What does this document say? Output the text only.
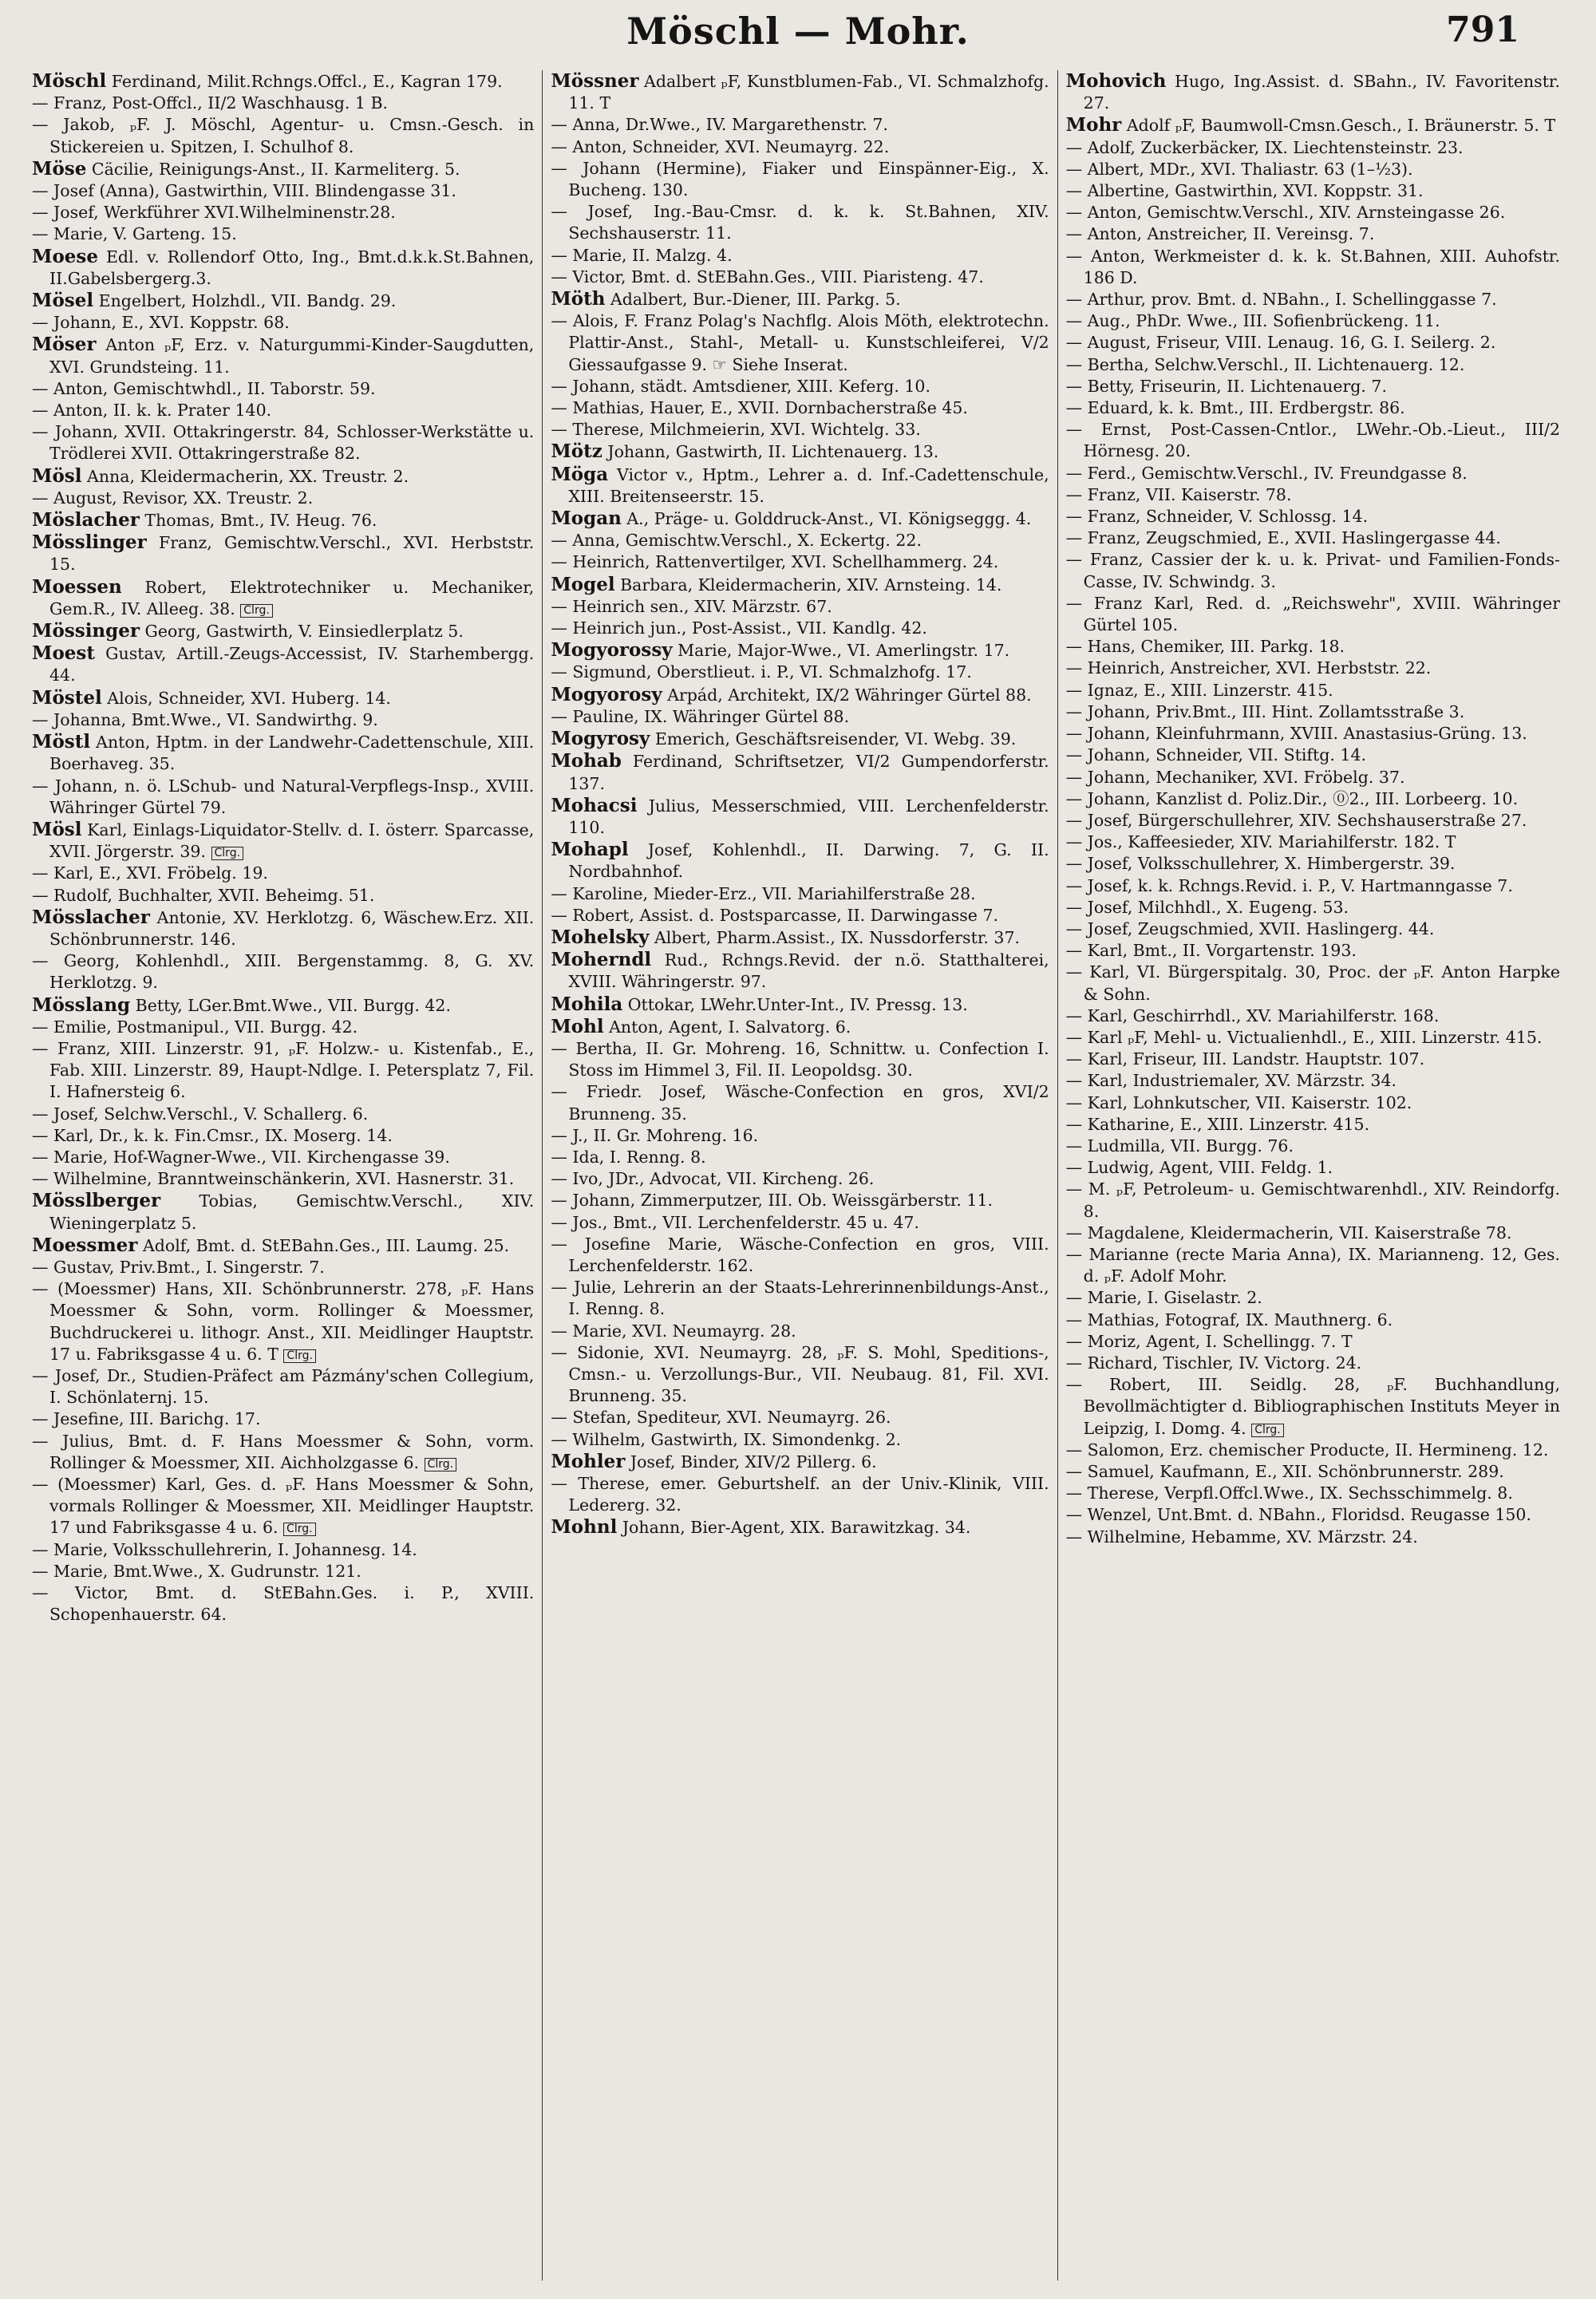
Möschl — Mohr.	791
Möschl Ferdinand, Milit.Rchngs.Offcl., E., Kagran 179.
— Franz, Post-Offcl., II/2 Waschhausg. 1 B.
— Jakob, ₚF. J. Möschl, Agentur- u. Cmsn.-Gesch. in Stickereien u. Spitzen, I. Schulhof 8.
Möse Cäcilie, Reinigungs-Anst., II. Karmeliterg. 5.
— Josef (Anna), Gastwirthin, VIII. Blindengasse 31.
— Josef, Werkführer XVI.Wilhelminenstr.28.
— Marie, V. Garteng. 15.
Moese Edl. v. Rollendorf Otto, Ing., Bmt.d.k.k.St.Bahnen, II.Gabelsbergerg.3.
Mösel Engelbert, Holzhdl., VII. Bandg. 29.
— Johann, E., XVI. Koppstr. 68.
Möser Anton ₚF, Erz. v. Naturgummi-Kinder-Saugdutten, XVI. Grundsteing. 11.
— Anton, Gemischtwhdl., II. Taborstr. 59.
— Anton, II. k. k. Prater 140.
— Johann, XVII. Ottakringerstr. 84, Schlosser-Werkstätte u. Trödlerei XVII. Ottakringerstraße 82.
Mösl Anna, Kleidermacherin, XX. Treustr. 2.
— August, Revisor, XX. Treustr. 2.
Möslacher Thomas, Bmt., IV. Heug. 76.
Mösslinger Franz, Gemischtw.Verschl., XVI. Herbststr. 15.
Moessen Robert, Elektrotechniker u. Mechaniker, Gem.R., IV. Alleeg. 38. Clrg.
Mössinger Georg, Gastwirth, V. Einsiedlerplatz 5.
Moest Gustav, Artill.-Zeugs-Accessist, IV. Starhembergg. 44.
Möstel Alois, Schneider, XVI. Huberg. 14.
— Johanna, Bmt.Wwe., VI. Sandwirthg. 9.
Möstl Anton, Hptm. in der Landwehr-Cadettenschule, XIII. Boerhaveg. 35.
— Johann, n. ö. LSchub- und Natural-Verpflegs-Insp., XVIII. Währinger Gürtel 79.
Mösl Karl, Einlags-Liquidator-Stellv. d. I. österr. Sparcasse, XVII. Jörgerstr. 39. Clrg.
— Karl, E., XVI. Fröbelg. 19.
— Rudolf, Buchhalter, XVII. Beheimg. 51.
Mösslacher Antonie, XV. Herklotzg. 6, Wäschew.Erz. XII. Schönbrunnerstr. 146.
— Georg, Kohlenhdl., XIII. Bergenstammg. 8, G. XV. Herklotzg. 9.
Mösslang Betty, LGer.Bmt.Wwe., VII. Burgg. 42.
— Emilie, Postmanipul., VII. Burgg. 42.
— Franz, XIII. Linzerstr. 91, ₚF. Holzw.- u. Kistenfab., E., Fab. XIII. Linzerstr. 89, Haupt-Ndlge. I. Petersplatz 7, Fil. I. Hafnersteig 6.
— Josef, Selchw.Verschl., V. Schallerg. 6.
— Karl, Dr., k. k. Fin.Cmsr., IX. Moserg. 14.
— Marie, Hof-Wagner-Wwe., VII. Kirchengasse 39.
— Wilhelmine, Branntweinschänkerin, XVI. Hasnerstr. 31.
Mösslberger Tobias, Gemischtw.Verschl., XIV. Wieningerplatz 5.
Moessmer Adolf, Bmt. d. StEBahn.Ges., III. Laumg. 25.
— Gustav, Priv.Bmt., I. Singerstr. 7.
— (Moessmer) Hans, XII. Schönbrunnerstr. 278, ₚF. Hans Moessmer & Sohn, vorm. Rollinger & Moessmer, Buchdruckerei u. lithogr. Anst., XII. Meidlinger Hauptstr. 17 u. Fabriksgasse 4 u. 6. T Clrg.
— Josef, Dr., Studien-Präfect am Pázmány'schen Collegium, I. Schönlaternj. 15.
— Jesefine, III. Barichg. 17.
— Julius, Bmt. d. F. Hans Moessmer & Sohn, vorm. Rollinger & Moessmer, XII. Aichholzgasse 6. Clrg.
— (Moessmer) Karl, Ges. d. ₚF. Hans Moessmer & Sohn, vormals Rollinger & Moessmer, XII. Meidlinger Hauptstr. 17 und Fabriksgasse 4 u. 6. Clrg.
— Marie, Volksschullehrerin, I. Johannesg. 14.
— Marie, Bmt.Wwe., X. Gudrunstr. 121.
— Victor, Bmt. d. StEBahn.Ges. i. P., XVIII. Schopenhauerstr. 64.
Mössner Adalbert ₚF, Kunstblumen-Fab., VI. Schmalzhofg. 11. T
— Anna, Dr.Wwe., IV. Margarethenstr. 7.
— Anton, Schneider, XVI. Neumayrg. 22.
— Johann (Hermine), Fiaker und Einspänner-Eig., X. Bucheng. 130.
— Josef, Ing.-Bau-Cmsr. d. k. k. St.Bahnen, XIV. Sechshauserstr. 11.
— Marie, II. Malzg. 4.
— Victor, Bmt. d. StEBahn.Ges., VIII. Piaristeng. 47.
Möth Adalbert, Bur.-Diener, III. Parkg. 5.
— Alois, F. Franz Polag's Nachflg. Alois Möth, elektrotechn. Plattir-Anst., Stahl-, Metall- u. Kunstschleiferei, V/2 Giessaufgasse 9. ☞ Siehe Inserat.
— Johann, städt. Amtsdiener, XIII. Keferg. 10.
— Mathias, Hauer, E., XVII. Dornbacherstraße 45.
— Therese, Milchmeierin, XVI. Wichtelg. 33.
Mötz Johann, Gastwirth, II. Lichtenauerg. 13.
Möga Victor v., Hptm., Lehrer a. d. Inf.-Cadettenschule, XIII. Breitenseerstr. 15.
Mogan A., Präge- u. Golddruck-Anst., VI. Königseggg. 4.
— Anna, Gemischtw.Verschl., X. Eckertg. 22.
— Heinrich, Rattenvertilger, XVI. Schellhammerg. 24.
Mogel Barbara, Kleidermacherin, XIV. Arnsteing. 14.
— Heinrich sen., XIV. Märzstr. 67.
— Heinrich jun., Post-Assist., VII. Kandlg. 42.
Mogyorossy Marie, Major-Wwe., VI. Amerlingstr. 17.
— Sigmund, Oberstlieut. i. P., VI. Schmalzhofg. 17.
Mogyorosy Arpád, Architekt, IX/2 Währinger Gürtel 88.
— Pauline, IX. Währinger Gürtel 88.
Mogyrosy Emerich, Geschäftsreisender, VI. Webg. 39.
Mohab Ferdinand, Schriftsetzer, VI/2 Gumpendorferstr. 137.
Mohacsi Julius, Messerschmied, VIII. Lerchenfelderstr. 110.
Mohapl Josef, Kohlenhdl., II. Darwing. 7, G. II. Nordbahnhof.
— Karoline, Mieder-Erz., VII. Mariahilferstraße 28.
— Robert, Assist. d. Postsparcasse, II. Darwingasse 7.
Mohelsky Albert, Pharm.Assist., IX. Nussdorferstr. 37.
Moherndl Rud., Rchngs.Revid. der n.ö. Statthalterei, XVIII. Währingerstr. 97.
Mohila Ottokar, LWehr.Unter-Int., IV. Pressg. 13.
Mohl Anton, Agent, I. Salvatorg. 6.
— Bertha, II. Gr. Mohreng. 16, Schnittw. u. Confection I. Stoss im Himmel 3, Fil. II. Leopoldsg. 30.
— Friedr. Josef, Wäsche-Confection en gros, XVI/2 Brunneng. 35.
— J., II. Gr. Mohreng. 16.
— Ida, I. Renng. 8.
— Ivo, JDr., Advocat, VII. Kircheng. 26.
— Johann, Zimmerputzer, III. Ob. Weissgärberstr. 11.
— Jos., Bmt., VII. Lerchenfelderstr. 45 u. 47.
— Josefine Marie, Wäsche-Confection en gros, VIII. Lerchenfelderstr. 162.
— Julie, Lehrerin an der Staats-Lehrerinnenbildungs-Anst., I. Renng. 8.
— Marie, XVI. Neumayrg. 28.
— Sidonie, XVI. Neumayrg. 28, ₚF. S. Mohl, Speditions-, Cmsn.- u. Verzollungs-Bur., VII. Neubaug. 81, Fil. XVI. Brunneng. 35.
— Stefan, Spediteur, XVI. Neumayrg. 26.
— Wilhelm, Gastwirth, IX. Simondenkg. 2.
Mohler Josef, Binder, XIV/2 Pillerg. 6.
— Therese, emer. Geburtshelf. an der Univ.-Klinik, VIII. Ledererg. 32.
Mohnl Johann, Bier-Agent, XIX. Barawitzkag. 34.
Mohovich Hugo, Ing.Assist. d. SBahn., IV. Favoritenstr. 27.
Mohr Adolf ₚF, Baumwoll-Cmsn.Gesch., I. Bräunerstr. 5. T
— Adolf, Zuckerbäcker, IX. Liechtensteinstr. 23.
— Albert, MDr., XVI. Thaliastr. 63 (1–½3).
— Albertine, Gastwirthin, XVI. Koppstr. 31.
— Anton, Gemischtw.Verschl., XIV. Arnsteingasse 26.
— Anton, Anstreicher, II. Vereinsg. 7.
— Anton, Werkmeister d. k. k. St.Bahnen, XIII. Auhofstr. 186 D.
— Arthur, prov. Bmt. d. NBahn., I. Schellinggasse 7.
— Aug., PhDr. Wwe., III. Sofienbrückeng. 11.
— August, Friseur, VIII. Lenaug. 16, G. I. Seilerg. 2.
— Bertha, Selchw.Verschl., II. Lichtenauerg. 12.
— Betty, Friseurin, II. Lichtenauerg. 7.
— Eduard, k. k. Bmt., III. Erdbergstr. 86.
— Ernst, Post-Cassen-Cntlor., LWehr.-Ob.-Lieut., III/2 Hörnesg. 20.
— Ferd., Gemischtw.Verschl., IV. Freundgasse 8.
— Franz, VII. Kaiserstr. 78.
— Franz, Schneider, V. Schlossg. 14.
— Franz, Zeugschmied, E., XVII. Haslingergasse 44.
— Franz, Cassier der k. u. k. Privat- und Familien-Fonds-Casse, IV. Schwindg. 3.
— Franz Karl, Red. d. „Reichswehr", XVIII. Währinger Gürtel 105.
— Hans, Chemiker, III. Parkg. 18.
— Heinrich, Anstreicher, XVI. Herbststr. 22.
— Ignaz, E., XIII. Linzerstr. 415.
— Johann, Priv.Bmt., III. Hint. Zollamtsstraße 3.
— Johann, Kleinfuhrmann, XVIII. Anastasius-Grüng. 13.
— Johann, Schneider, VII. Stiftg. 14.
— Johann, Mechaniker, XVI. Fröbelg. 37.
— Johann, Kanzlist d. Poliz.Dir., ⓪2., III. Lorbeerg. 10.
— Josef, Bürgerschullehrer, XIV. Sechshauserstraße 27.
— Jos., Kaffeesieder, XIV. Mariahilferstr. 182. T
— Josef, Volksschullehrer, X. Himbergerstr. 39.
— Josef, k. k. Rchngs.Revid. i. P., V. Hartmanngasse 7.
— Josef, Milchhdl., X. Eugeng. 53.
— Josef, Zeugschmied, XVII. Haslingerg. 44.
— Karl, Bmt., II. Vorgartenstr. 193.
— Karl, VI. Bürgerspitalg. 30, Proc. der ₚF. Anton Harpke & Sohn.
— Karl, Geschirrhdl., XV. Mariahilferstr. 168.
— Karl ₚF, Mehl- u. Victualienhdl., E., XIII. Linzerstr. 415.
— Karl, Friseur, III. Landstr. Hauptstr. 107.
— Karl, Industriemaler, XV. Märzstr. 34.
— Karl, Lohnkutscher, VII. Kaiserstr. 102.
— Katharine, E., XIII. Linzerstr. 415.
— Ludmilla, VII. Burgg. 76.
— Ludwig, Agent, VIII. Feldg. 1.
— M. ₚF, Petroleum- u. Gemischtwarenhdl., XIV. Reindorfg. 8.
— Magdalene, Kleidermacherin, VII. Kaiserstraße 78.
— Marianne (recte Maria Anna), IX. Marianneng. 12, Ges. d. ₚF. Adolf Mohr.
— Marie, I. Giselastr. 2.
— Mathias, Fotograf, IX. Mauthnerg. 6.
— Moriz, Agent, I. Schellingg. 7. T
— Richard, Tischler, IV. Victorg. 24.
— Robert, III. Seidlg. 28, ₚF. Buchhandlung, Bevollmächtigter d. Bibliographischen Instituts Meyer in Leipzig, I. Domg. 4. Clrg.
— Salomon, Erz. chemischer Producte, II. Hermineng. 12.
— Samuel, Kaufmann, E., XII. Schönbrunnerstr. 289.
— Therese, Verpfl.Offcl.Wwe., IX. Sechsschimmelg. 8.
— Wenzel, Unt.Bmt. d. NBahn., Floridsd. Reugasse 150.
— Wilhelmine, Hebamme, XV. Märzstr. 24.
